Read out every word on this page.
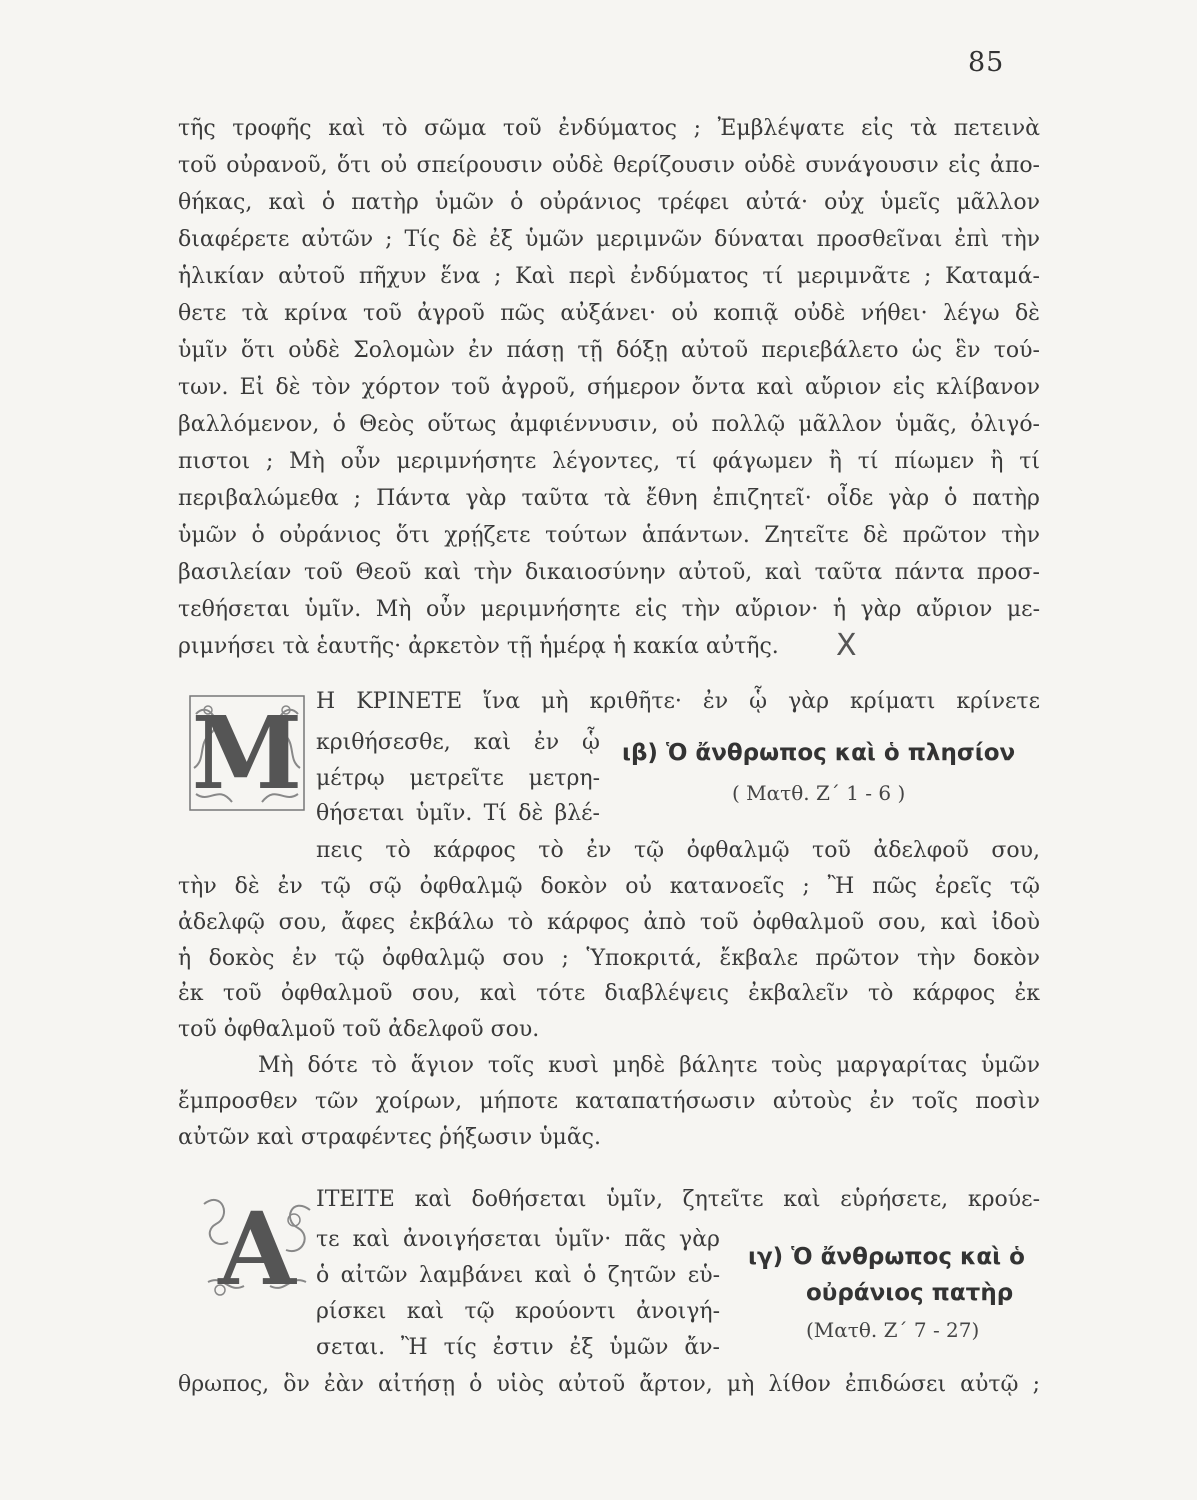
85
τῆς τροφῆς καὶ τὸ σῶμα τοῦ ἐνδύματος ; Ἐμβλέψατε εἰς τὰ πετεινὰ
τοῦ οὐρανοῦ, ὅτι οὐ σπείρουσιν οὐδὲ θερίζουσιν οὐδὲ συνάγουσιν εἰς ἀπο-
θήκας, καὶ ὁ πατὴρ ὑμῶν ὁ οὐράνιος τρέφει αὐτά· οὐχ ὑμεῖς μᾶλλον
διαφέρετε αὐτῶν ; Τίς δὲ ἐξ ὑμῶν μεριμνῶν δύναται προσθεῖναι ἐπὶ τὴν
ἡλικίαν αὐτοῦ πῆχυν ἕνα ; Καὶ περὶ ἐνδύματος τί μεριμνᾶτε ; Καταμά-
θετε τὰ κρίνα τοῦ ἀγροῦ πῶς αὐξάνει· οὐ κοπιᾷ οὐδὲ νήθει· λέγω δὲ
ὑμῖν ὅτι οὐδὲ Σολομὼν ἐν πάσῃ τῇ δόξῃ αὐτοῦ περιεβάλετο ὡς ἓν τού-
των. Εἰ δὲ τὸν χόρτον τοῦ ἀγροῦ, σήμερον ὄντα καὶ αὔριον εἰς κλίβανον
βαλλόμενον, ὁ Θεὸς οὕτως ἀμφιέννυσιν, οὐ πολλῷ μᾶλλον ὑμᾶς, ὀλιγό-
πιστοι ; Μὴ οὖν μεριμνήσητε λέγοντες, τί φάγωμεν ἢ τί πίωμεν ἢ τί
περιβαλώμεθα ; Πάντα γὰρ ταῦτα τὰ ἔθνη ἐπιζητεῖ· οἶδε γὰρ ὁ πατὴρ
ὑμῶν ὁ οὐράνιος ὅτι χρῄζετε τούτων ἁπάντων. Ζητεῖτε δὲ πρῶτον τὴν
βασιλείαν τοῦ Θεοῦ καὶ τὴν δικαιοσύνην αὐτοῦ, καὶ ταῦτα πάντα προσ-
τεθήσεται ὑμῖν. Μὴ οὖν μεριμνήσητε εἰς τὴν αὔριον· ἡ γὰρ αὔριον με-
ριμνήσει τὰ ἑαυτῆς· ἀρκετὸν τῇ ἡμέρᾳ ἡ κακία αὐτῆς.	X
M Η ΚΡΙΝΕΤΕ ἵνα μὴ κριθῆτε· ἐν ᾧ γὰρ κρίματι κρίνετε
κριθήσεσθε, καὶ ἐν ᾧ
μέτρῳ μετρεῖτε μετρη-
θήσεται ὑμῖν. Τί δὲ βλέ-
ιβ) Ὁ ἄνθρωπος καὶ ὁ πλησίον
( Ματθ. Ζ΄ 1 - 6 )
πεις τὸ κάρφος τὸ ἐν τῷ ὀφθαλμῷ τοῦ ἀδελφοῦ σου,
τὴν δὲ ἐν τῷ σῷ ὀφθαλμῷ δοκὸν οὐ κατανοεῖς ; Ἢ πῶς ἐρεῖς τῷ
ἀδελφῷ σου, ἄφες ἐκβάλω τὸ κάρφος ἀπὸ τοῦ ὀφθαλμοῦ σου, καὶ ἰδοὺ
ἡ δοκὸς ἐν τῷ ὀφθαλμῷ σου ; Ὑποκριτά, ἔκβαλε πρῶτον τὴν δοκὸν
ἐκ τοῦ ὀφθαλμοῦ σου, καὶ τότε διαβλέψεις ἐκβαλεῖν τὸ κάρφος ἐκ
τοῦ ὀφθαλμοῦ τοῦ ἀδελφοῦ σου.
Μὴ δότε τὸ ἅγιον τοῖς κυσὶ μηδὲ βάλητε τοὺς μαργαρίτας ὑμῶν
ἔμπροσθεν τῶν χοίρων, μήποτε καταπατήσωσιν αὐτοὺς ἐν τοῖς ποσὶν
αὐτῶν καὶ στραφέντες ῥήξωσιν ὑμᾶς.
A ΙΤΕΙΤΕ καὶ δοθήσεται ὑμῖν, ζητεῖτε καὶ εὑρήσετε, κρούε-
τε καὶ ἀνοιγήσεται ὑμῖν· πᾶς γὰρ
ὁ αἰτῶν λαμβάνει καὶ ὁ ζητῶν εὑ-
ρίσκει καὶ τῷ κρούοντι ἀνοιγή-
σεται. Ἢ τίς ἐστιν ἐξ ὑμῶν ἄν-
ιγ) Ὁ ἄνθρωπος καὶ ὁ
οὐράνιος πατὴρ
(Ματθ. Ζ΄ 7 - 27)
θρωπος, ὃν ἐὰν αἰτήσῃ ὁ υἱὸς αὐτοῦ ἄρτον, μὴ λίθον ἐπιδώσει αὐτῷ ;
